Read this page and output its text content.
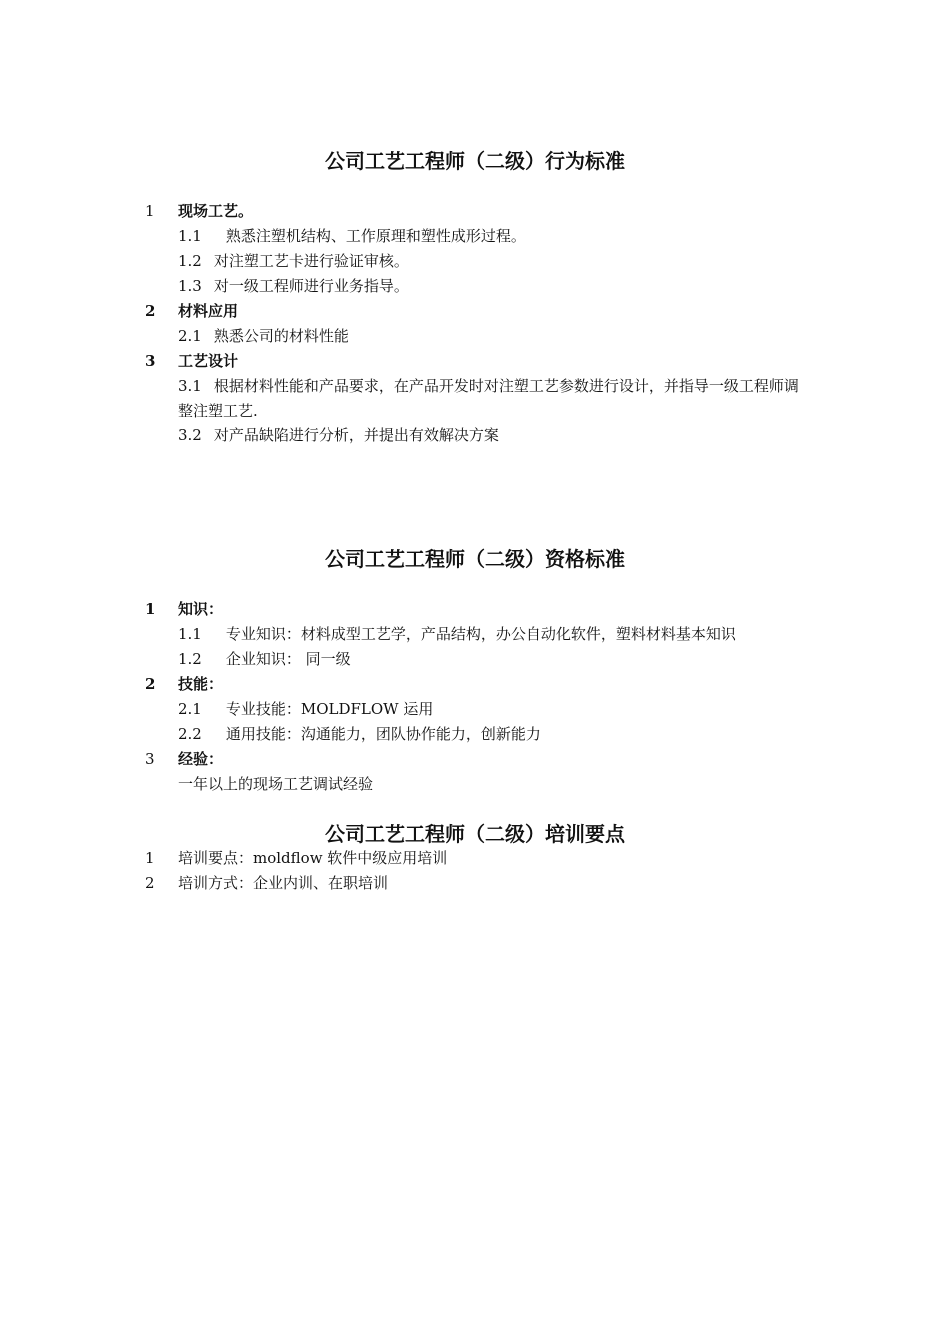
公司工艺工程师（二级）行为标准
1	现场工艺。
1.1 熟悉注塑机结构、工作原理和塑性成形过程。
1.2 对注塑工艺卡进行验证审核。
1.3 对一级工程师进行业务指导。
2	材料应用
2.1 熟悉公司的材料性能
3	工艺设计
3.1 根据材料性能和产品要求，在产品开发时对注塑工艺参数进行设计，并指导一级工程师调整注塑工艺.
3.2 对产品缺陷进行分析，并提出有效解决方案
公司工艺工程师（二级）资格标准
1	知识：
1.1 专业知识：材料成型工艺学，产品结构，办公自动化软件，塑料材料基本知识
1.2 企业知识： 同一级
2	技能：
2.1 专业技能：MOLDFLOW 运用
2.2 通用技能：沟通能力，团队协作能力，创新能力
3	经验：
一年以上的现场工艺调试经验
公司工艺工程师（二级）培训要点
1	培训要点：moldflow 软件中级应用培训
2	培训方式：企业内训、在职培训
